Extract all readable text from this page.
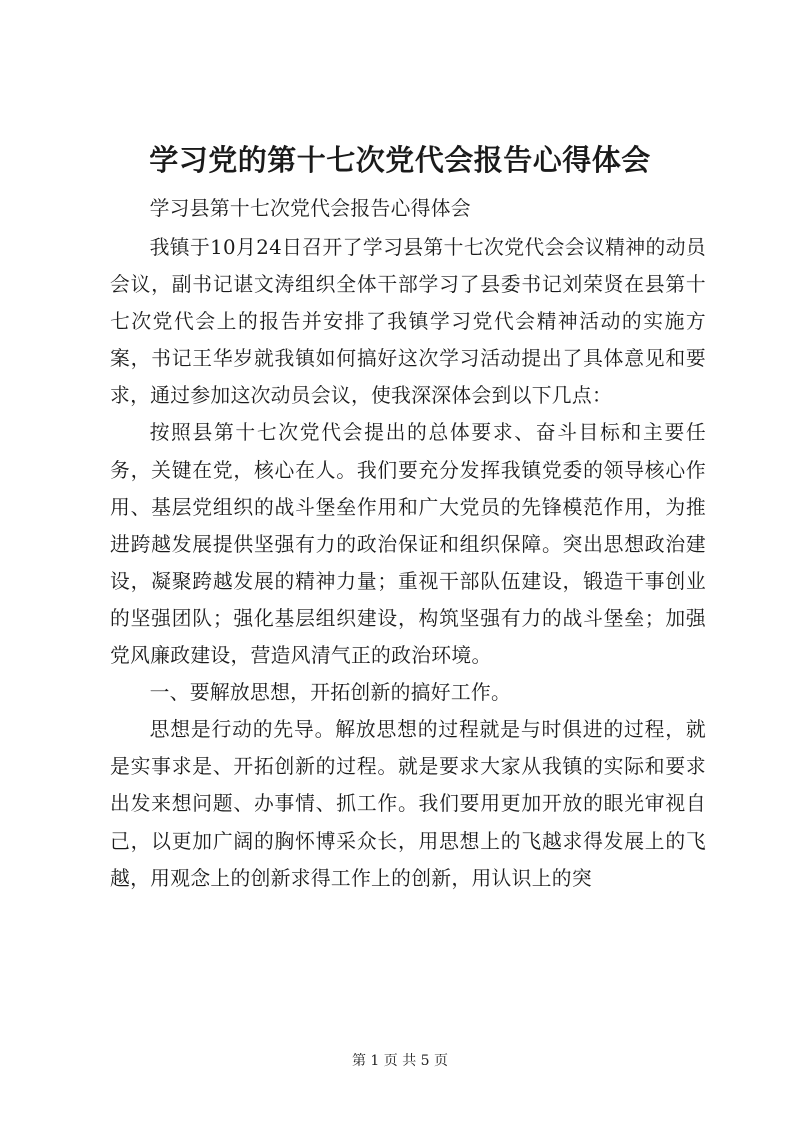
学习党的第十七次党代会报告心得体会

学习县第十七次党代会报告心得体会

我镇于10月24日召开了学习县第十七次党代会会议精神的动员会议，副书记谌文涛组织全体干部学习了县委书记刘荣贤在县第十七次党代会上的报告并安排了我镇学习党代会精神活动的实施方案，书记王华岁就我镇如何搞好这次学习活动提出了具体意见和要求，通过参加这次动员会议，使我深深体会到以下几点：

按照县第十七次党代会提出的总体要求、奋斗目标和主要任务，关键在党，核心在人。我们要充分发挥我镇党委的领导核心作用、基层党组织的战斗堡垒作用和广大党员的先锋模范作用，为推进跨越发展提供坚强有力的政治保证和组织保障。突出思想政治建设，凝聚跨越发展的精神力量；重视干部队伍建设，锻造干事创业的坚强团队；强化基层组织建设，构筑坚强有力的战斗堡垒；加强党风廉政建设，营造风清气正的政治环境。

一、要解放思想，开拓创新的搞好工作。

思想是行动的先导。解放思想的过程就是与时俱进的过程，就是实事求是、开拓创新的过程。就是要求大家从我镇的实际和要求出发来想问题、办事情、抓工作。我们要用更加开放的眼光审视自己，以更加广阔的胸怀博采众长，用思想上的飞越求得发展上的飞越，用观念上的创新求得工作上的创新，用认识上的突

第 1 页 共 5 页
